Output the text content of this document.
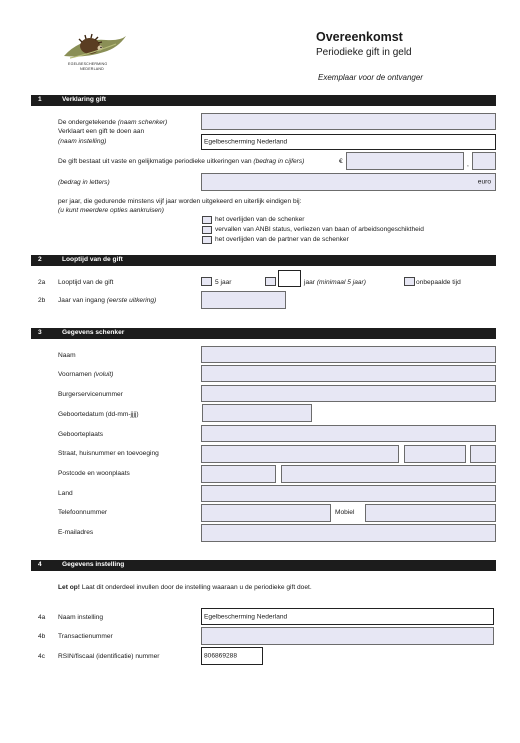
EGELBESCHERMING
NEDERLAND
Overeenkomst
Periodieke gift in geld
Exemplaar voor de ontvanger
1	Verklaring gift
De ondergetekende (naam schenker)
Verklaart een gift te doen aan
(naam instelling)	Egelbescherming Nederland
De gift bestaat uit vaste en gelijkmatige periodieke uitkeringen van (bedrag in cijfers)	€	,
(bedrag in letters)	euro
per jaar, die gedurende minstens vijf jaar worden uitgekeerd en uiterlijk eindigen bij:
(u kunt meerdere opties aankruisen)
het overlijden van de schenker
vervallen van ANBI status, verliezen van baan of arbeidsongeschiktheid
het overlijden van de partner van de schenker
2	Looptijd van de gift
2a Looptijd van de gift	5 jaar	jaar (minimaal 5 jaar)	onbepaalde tijd
2b Jaar van ingang (eerste uitkering)
3	Gegevens schenker
Naam
Voornamen (voluit)
Burgerservicenummer
Geboortedatum (dd-mm-jjjj)
Geboorteplaats
Straat, huisnummer en toevoeging
Postcode en woonplaats
Land
Telefoonnummer	Mobiel
E-mailadres
4	Gegevens instelling
Let op! Laat dit onderdeel invullen door de instelling waaraan u de periodieke gift doet.
4a Naam instelling	Egelbescherming Nederland
4b Transactienummer
4c RSIN/fiscaal (identificatie) nummer	806869288
